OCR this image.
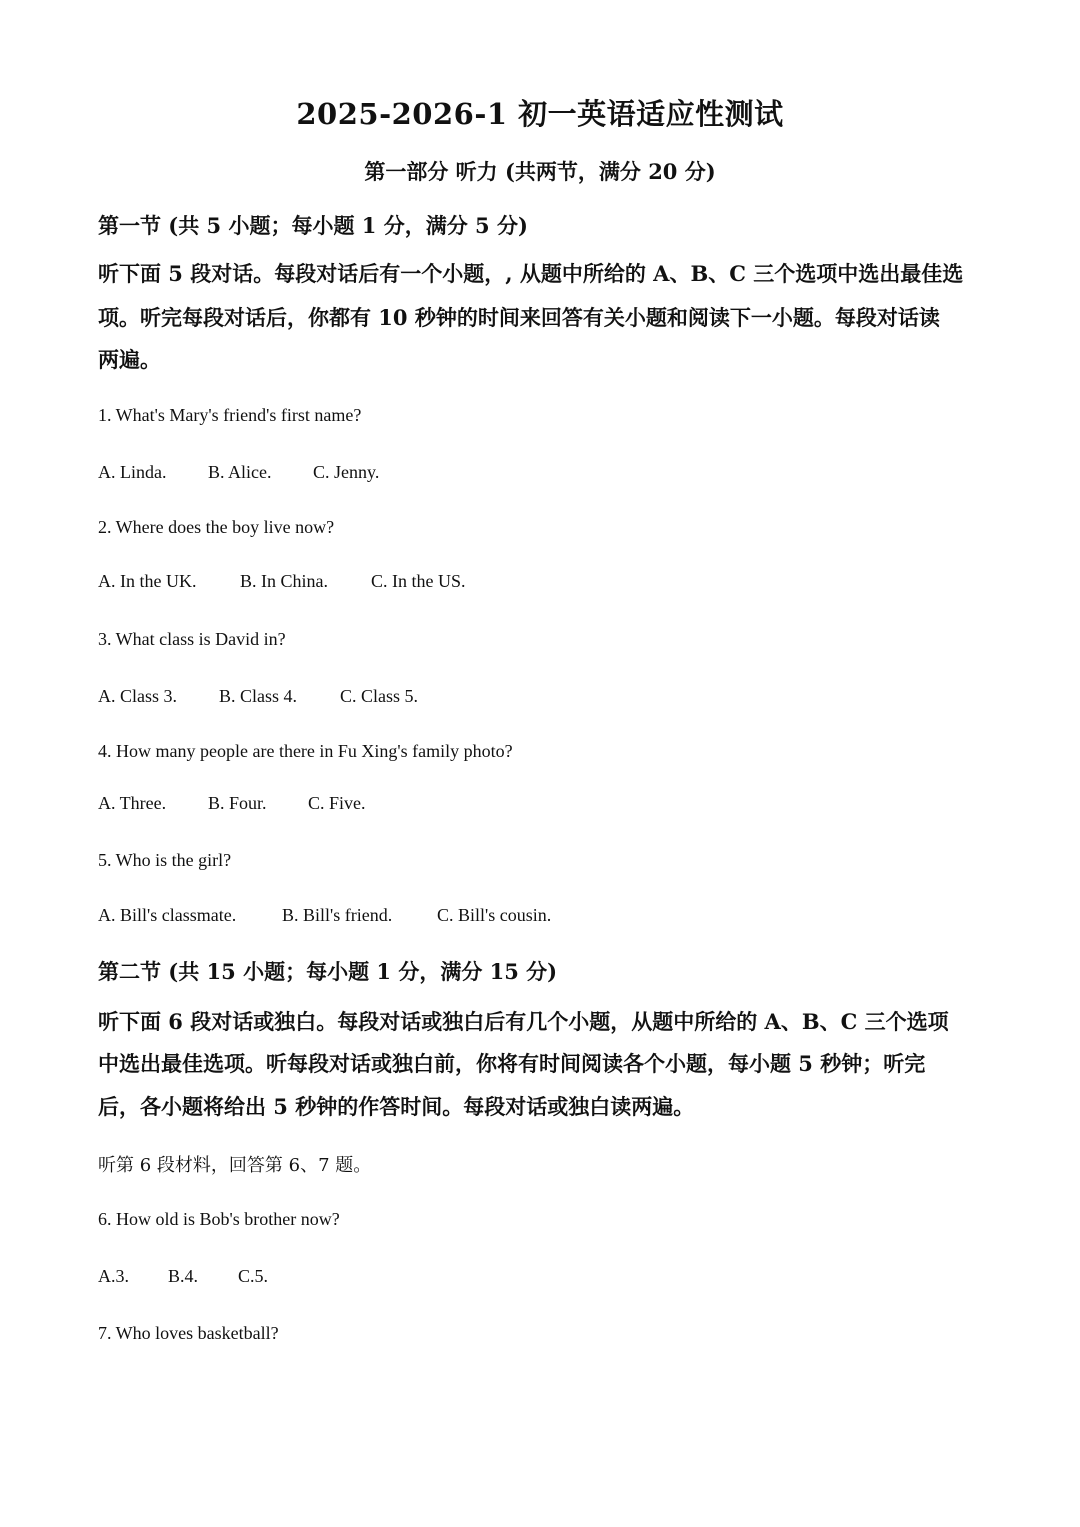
2025-2026-1 初一英语适应性测试
第一部分 听力 (共两节，满分 20 分)
第一节 (共 5 小题；每小题 1 分，满分 5 分)
听下面 5 段对话。每段对话后有一个小题，, 从题中所给的 A、B、C 三个选项中选出最佳选
项。听完每段对话后，你都有 10 秒钟的时间来回答有关小题和阅读下一小题。每段对话读
两遍。
1. What's Mary's friend's first name?
A. Linda. B. Alice. C. Jenny.
2. Where does the boy live now?
A. In the UK. B. In China. C. In the US.
3. What class is David in?
A. Class 3. B. Class 4. C. Class 5.
4. How many people are there in Fu Xing's family photo?
A. Three. B. Four. C. Five.
5. Who is the girl?
A. Bill's classmate.	B. Bill's friend. C. Bill's cousin.
第二节 (共 15 小题；每小题 1 分，满分 15 分)
听下面 6 段对话或独白。每段对话或独白后有几个小题，从题中所给的 A、B、C 三个选项
中选出最佳选项。听每段对话或独白前，你将有时间阅读各个小题，每小题 5 秒钟；听完
后，各小题将给出 5 秒钟的作答时间。每段对话或独白读两遍。
听第 6 段材料，回答第 6、7 题。
6. How old is Bob's brother now?
A.3. B.4. C.5.
7. Who loves basketball?
